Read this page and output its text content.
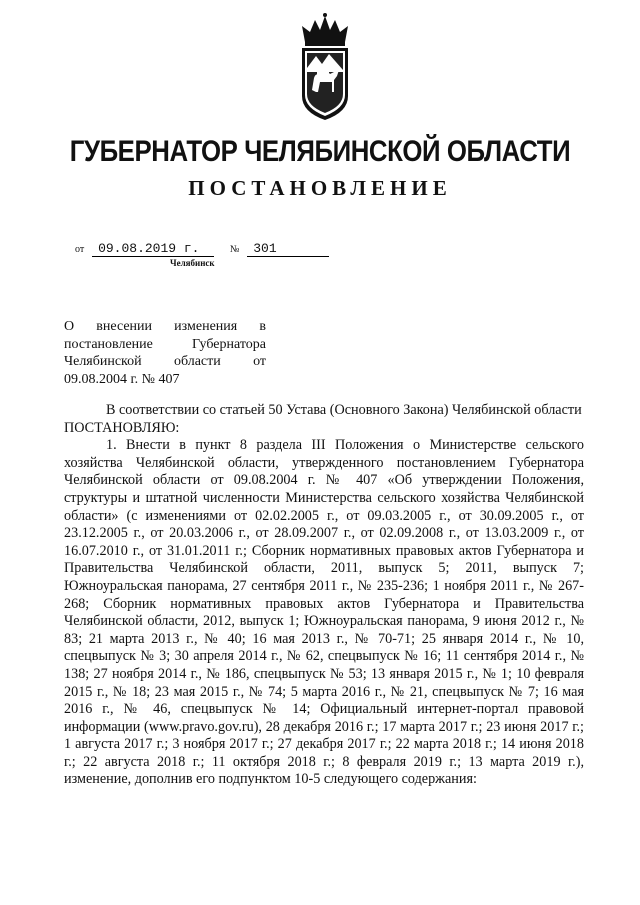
ГУБЕРНАТОР ЧЕЛЯБИНСКОЙ ОБЛАСТИ
ПОСТАНОВЛЕНИЕ
от 09.08.2019 г.	№ 301
Челябинск
О внесении изменения в постановление Губернатора Челябинской области от 09.08.2004 г. № 407

В соответствии со статьей 50 Устава (Основного Закона) Челябинской области

ПОСТАНОВЛЯЮ:

1. Внести в пункт 8 раздела III Положения о Министерстве сельского хозяйства Челябинской области, утвержденного постановлением Губернатора Челябинской области от 09.08.2004 г. № 407 «Об утверждении Положения, структуры и штатной численности Министерства сельского хозяйства Челябинской области» (с изменениями от 02.02.2005 г., от 09.03.2005 г., от 30.09.2005 г., от 23.12.2005 г., от 20.03.2006 г., от 28.09.2007 г., от 02.09.2008 г., от 13.03.2009 г., от 16.07.2010 г., от 31.01.2011 г.; Сборник нормативных правовых актов Губернатора и Правительства Челябинской области, 2011, выпуск 5; 2011, выпуск 7; Южноуральская панорама, 27 сентября 2011 г., № 235-236; 1 ноября 2011 г., № 267-268; Сборник нормативных правовых актов Губернатора и Правительства Челябинской области, 2012, выпуск 1; Южноуральская панорама, 9 июня 2012 г., № 83; 21 марта 2013 г., № 40; 16 мая 2013 г., № 70-71; 25 января 2014 г., № 10, спецвыпуск № 3; 30 апреля 2014 г., № 62, спецвыпуск № 16; 11 сентября 2014 г., № 138; 27 ноября 2014 г., № 186, спецвыпуск № 53; 13 января 2015 г., № 1; 10 февраля 2015 г., № 18; 23 мая 2015 г., № 74; 5 марта 2016 г., № 21, спецвыпуск № 7; 16 мая 2016 г., № 46, спецвыпуск № 14; Официальный интернет-портал правовой информации (www.pravo.gov.ru), 28 декабря 2016 г.; 17 марта 2017 г.; 23 июня 2017 г.; 1 августа 2017 г.; 3 ноября 2017 г.; 27 декабря 2017 г.; 22 марта 2018 г.; 14 июня 2018 г.; 22 августа 2018 г.; 11 октября 2018 г.; 8 февраля 2019 г.; 13 марта 2019 г.), изменение, дополнив его подпунктом 10-5 следующего содержания:
